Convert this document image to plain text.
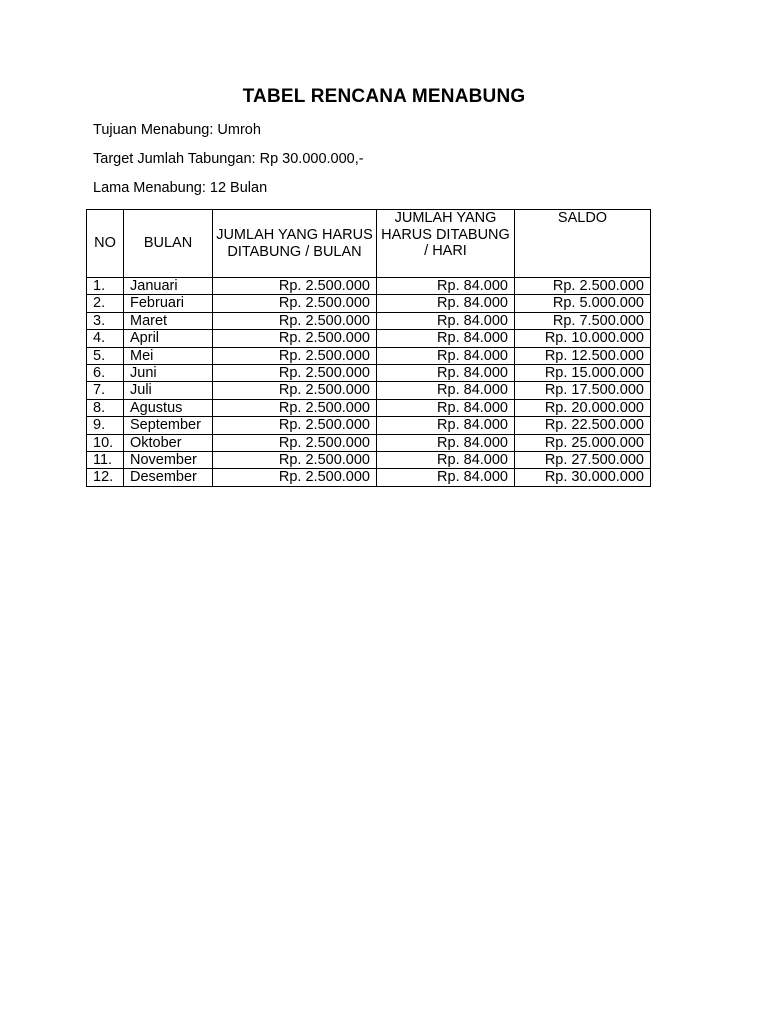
TABEL RENCANA MENABUNG
Tujuan Menabung: Umroh
Target Jumlah Tabungan: Rp 30.000.000,-
Lama Menabung: 12 Bulan
NO	BULAN	JUMLAH YANG HARUS DITABUNG / BULAN	JUMLAH YANG HARUS DITABUNG / HARI	SALDO
1.	Januari	Rp. 2.500.000	Rp. 84.000	Rp. 2.500.000
2.	Februari	Rp. 2.500.000	Rp. 84.000	Rp. 5.000.000
3.	Maret	Rp. 2.500.000	Rp. 84.000	Rp. 7.500.000
4.	April	Rp. 2.500.000	Rp. 84.000	Rp. 10.000.000
5.	Mei	Rp. 2.500.000	Rp. 84.000	Rp. 12.500.000
6.	Juni	Rp. 2.500.000	Rp. 84.000	Rp. 15.000.000
7.	Juli	Rp. 2.500.000	Rp. 84.000	Rp. 17.500.000
8.	Agustus	Rp. 2.500.000	Rp. 84.000	Rp. 20.000.000
9.	September	Rp. 2.500.000	Rp. 84.000	Rp. 22.500.000
10.	Oktober	Rp. 2.500.000	Rp. 84.000	Rp. 25.000.000
11.	November	Rp. 2.500.000	Rp. 84.000	Rp. 27.500.000
12.	Desember	Rp. 2.500.000	Rp. 84.000	Rp. 30.000.000
